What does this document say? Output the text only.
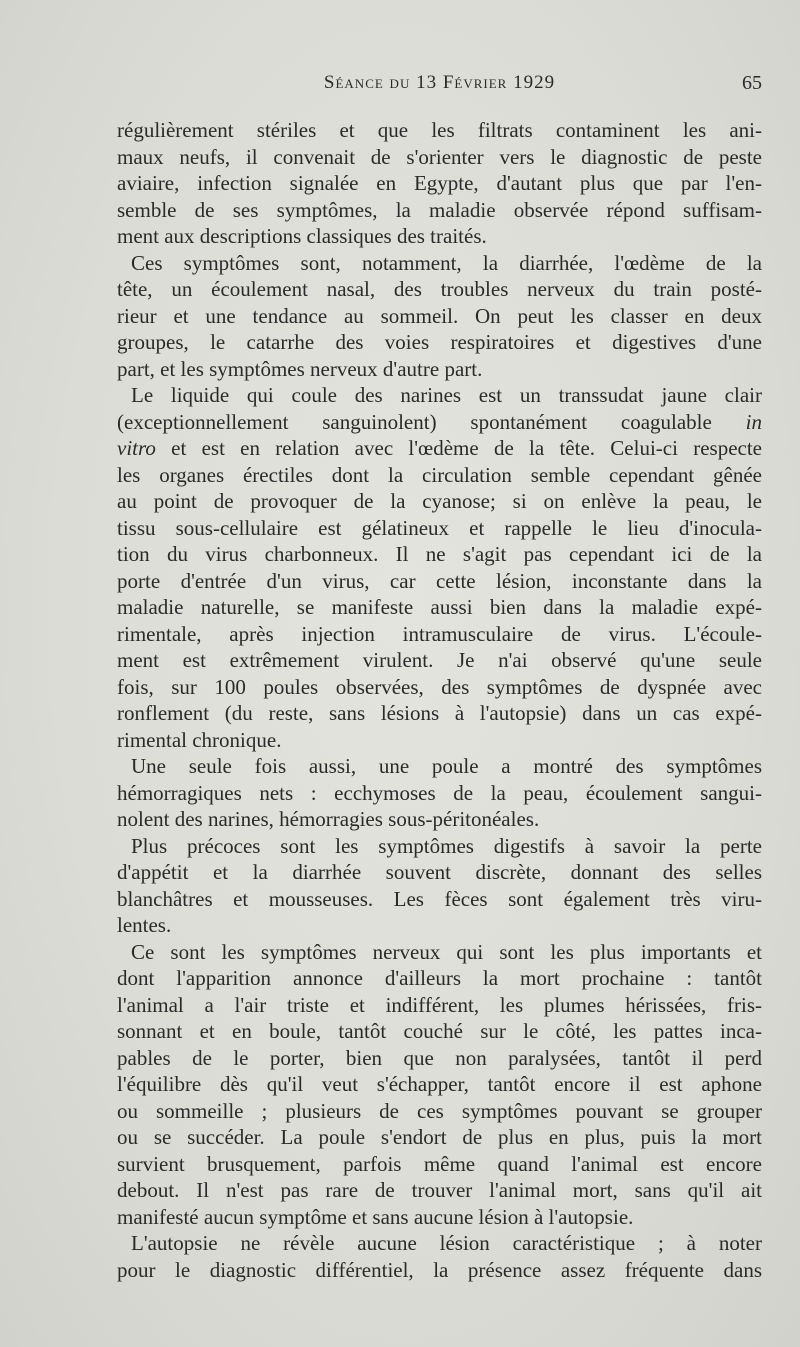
Séance du 13 Février 1929	65
régulièrement stériles et que les filtrats contaminent les ani-
maux neufs, il convenait de s'orienter vers le diagnostic de peste
aviaire, infection signalée en Egypte, d'autant plus que par l'en-
semble de ses symptômes, la maladie observée répond suffisam-
ment aux descriptions classiques des traités.
Ces symptômes sont, notamment, la diarrhée, l'œdème de la
tête, un écoulement nasal, des troubles nerveux du train posté-
rieur et une tendance au sommeil. On peut les classer en deux
groupes, le catarrhe des voies respiratoires et digestives d'une
part, et les symptômes nerveux d'autre part.
Le liquide qui coule des narines est un transsudat jaune clair
(exceptionnellement sanguinolent) spontanément coagulable in
vitro et est en relation avec l'œdème de la tête. Celui-ci respecte
les organes érectiles dont la circulation semble cependant gênée
au point de provoquer de la cyanose; si on enlève la peau, le
tissu sous-cellulaire est gélatineux et rappelle le lieu d'inocula-
tion du virus charbonneux. Il ne s'agit pas cependant ici de la
porte d'entrée d'un virus, car cette lésion, inconstante dans la
maladie naturelle, se manifeste aussi bien dans la maladie expé-
rimentale, après injection intramusculaire de virus. L'écoule-
ment est extrêmement virulent. Je n'ai observé qu'une seule
fois, sur 100 poules observées, des symptômes de dyspnée avec
ronflement (du reste, sans lésions à l'autopsie) dans un cas expé-
rimental chronique.
Une seule fois aussi, une poule a montré des symptômes
hémorragiques nets : ecchymoses de la peau, écoulement sangui-
nolent des narines, hémorragies sous-péritonéales.
Plus précoces sont les symptômes digestifs à savoir la perte
d'appétit et la diarrhée souvent discrète, donnant des selles
blanchâtres et mousseuses. Les fèces sont également très viru-
lentes.
Ce sont les symptômes nerveux qui sont les plus importants et
dont l'apparition annonce d'ailleurs la mort prochaine : tantôt
l'animal a l'air triste et indifférent, les plumes hérissées, fris-
sonnant et en boule, tantôt couché sur le côté, les pattes inca-
pables de le porter, bien que non paralysées, tantôt il perd
l'équilibre dès qu'il veut s'échapper, tantôt encore il est aphone
ou sommeille ; plusieurs de ces symptômes pouvant se grouper
ou se succéder. La poule s'endort de plus en plus, puis la mort
survient brusquement, parfois même quand l'animal est encore
debout. Il n'est pas rare de trouver l'animal mort, sans qu'il ait
manifesté aucun symptôme et sans aucune lésion à l'autopsie.
L'autopsie ne révèle aucune lésion caractéristique ; à noter
pour le diagnostic différentiel, la présence assez fréquente dans
